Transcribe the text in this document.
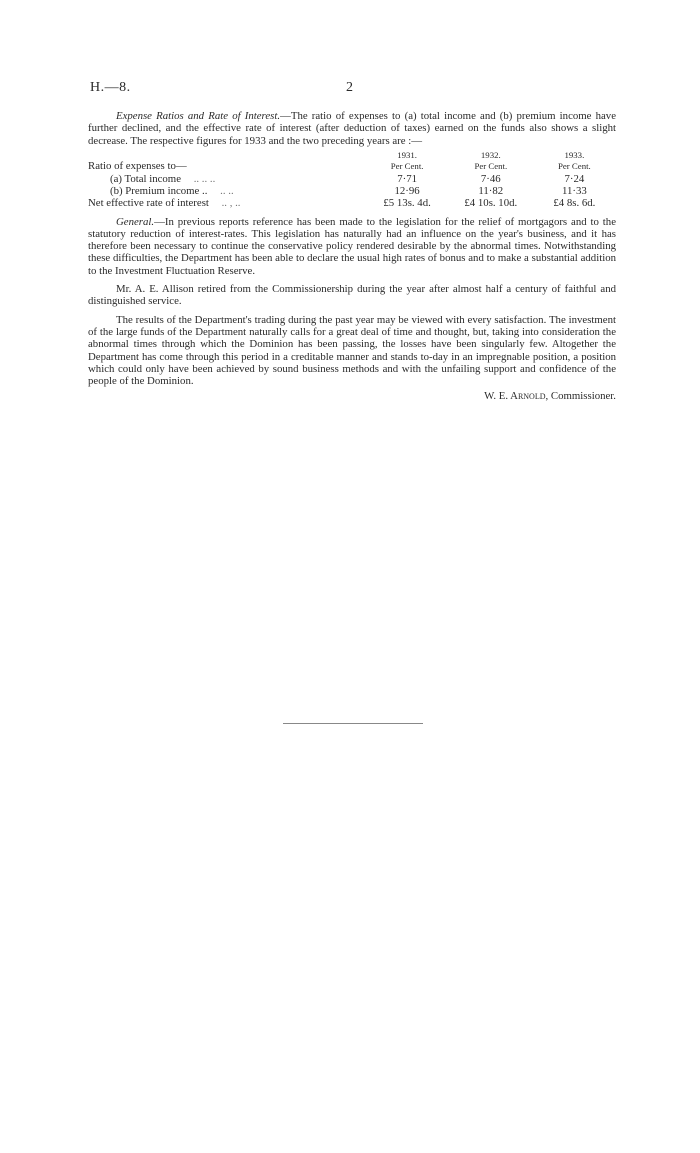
H.—8.	2

Expense Ratios and Rate of Interest.—The ratio of expenses to (a) total income and (b) premium income have further declined, and the effective rate of interest (after deduction of taxes) earned on the funds also shows a slight decrease. The respective figures for 1933 and the two preceding years are :—

	1931.	1932.	1933.
Ratio of expenses to—	Per Cent.	Per Cent.	Per Cent.
(a) Total income .. .. ..	7·71	7·46	7·24
(b) Premium income .. .. ..	12·96	11·82	11·33
Net effective rate of interest .. , ..	£5 13s. 4d.	£4 10s. 10d.	£4 8s. 6d.

General.—In previous reports reference has been made to the legislation for the relief of mortgagors and to the statutory reduction of interest-rates. This legislation has naturally had an influence on the year's business, and it has therefore been necessary to continue the conservative policy rendered desirable by the abnormal times. Notwithstanding these difficulties, the Department has been able to declare the usual high rates of bonus and to make a substantial addition to the Investment Fluctuation Reserve.

Mr. A. E. Allison retired from the Commissionership during the year after almost half a century of faithful and distinguished service.

The results of the Department's trading during the past year may be viewed with every satisfaction. The investment of the large funds of the Department naturally calls for a great deal of time and thought, but, taking into consideration the abnormal times through which the Dominion has been passing, the losses have been singularly few. Altogether the Department has come through this period in a creditable manner and stands to-day in an impregnable position, a position which could only have been achieved by sound business methods and with the unfailing support and confidence of the people of the Dominion.

W. E. Arnold, Commissioner.
